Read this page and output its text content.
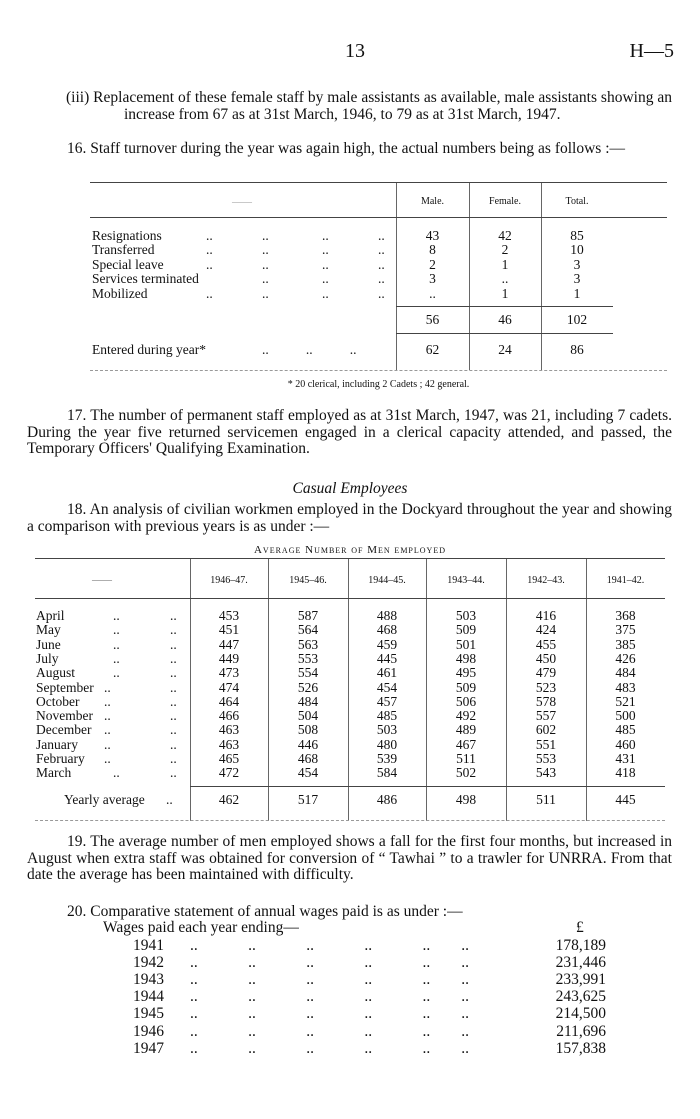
13	H—5

(iii) Replacement of these female staff by male assistants as available, male assistants showing an increase from 67 as at 31st March, 1946, to 79 as at 31st March, 1947.

16. Staff turnover during the year was again high, the actual numbers being as follows :—

——	Male.	Female.	Total.
Resignations	..	..	..	..	43	42	85
Transferred	..	..	..	..	8	2	10
Special leave	..	..	..	..	2	1	3
Services terminated	..	..	..	3	..	3
Mobilized	..	..	..	..	..	1	1
56	46	102
Entered during year*	..           ..           ..	62	24	86
* 20 clerical, including 2 Cadets ; 42 general.

17. The number of permanent staff employed as at 31st March, 1947, was 21, including 7 cadets. During the year five returned servicemen engaged in a clerical capacity attended, and passed, the Temporary Officers' Qualifying Examination.

Casual Employees

18. An analysis of civilian workmen employed in the Dockyard throughout the year and showing a comparison with previous years is as under :—

Average Number of Men employed
——	1946–47.	1945–46.	1944–45.	1943–44.	1942–43.	1941–42.
April	..	..	453	587	488	503	416	368
May	..	..	451	564	468	509	424	375
June	..	..	447	563	459	501	455	385
July	..	..	449	553	445	498	450	426
August	..	..	473	554	461	495	479	484
September ..	..	474	526	454	509	523	483
October ..	..	464	484	457	506	578	521
November ..	..	466	504	485	492	557	500
December ..	..	463	508	503	489	602	485
January ..	..	463	446	480	467	551	460
February ..	..	465	468	539	511	553	431
March	..	..	472	454	584	502	543	418
Yearly average ..	462	517	486	498	511	445

19. The average number of men employed shows a fall for the first four months, but increased in August when extra staff was obtained for conversion of “ Tawhai ” to a trawler for UNRRA. From that date the average has been maintained with difficulty.

20. Comparative statement of annual wages paid is as under :—

Wages paid each year ending—	£
1941 ..             ..             ..             ..             ..        ..	178,189
1942 ..             ..             ..             ..             ..        ..	231,446
1943 ..             ..             ..             ..             ..        ..	233,991
1944 ..             ..             ..             ..             ..        ..	243,625
1945 ..             ..             ..             ..             ..        ..	214,500
1946 ..             ..             ..             ..             ..        ..	211,696
1947 ..             ..             ..             ..             ..        ..	157,838
